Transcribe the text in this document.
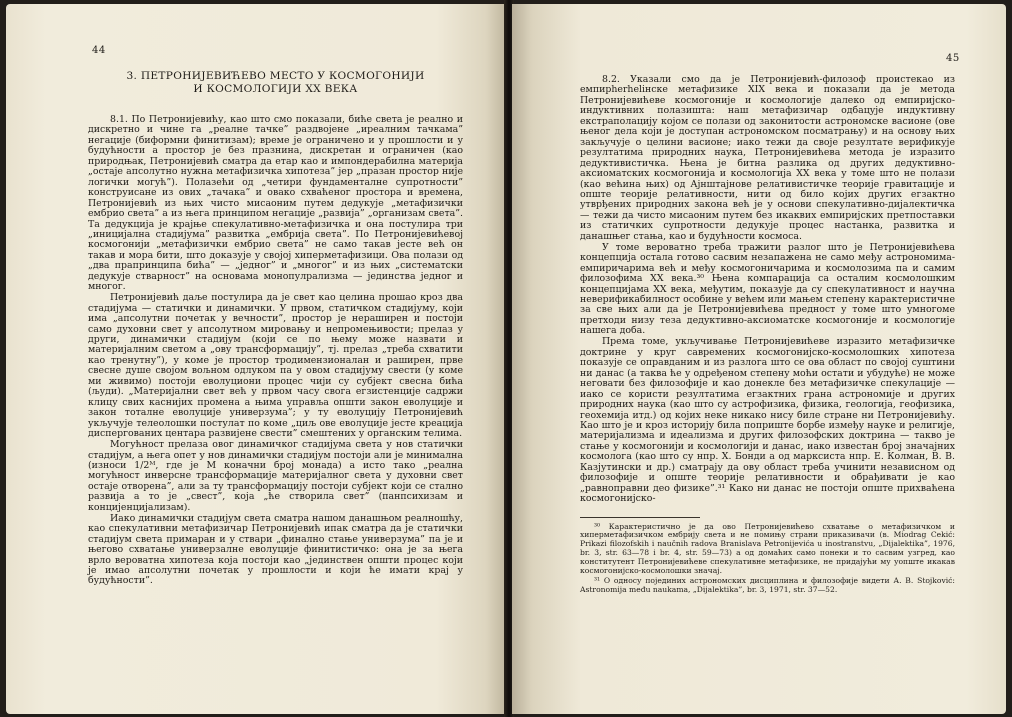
44
3. ПЕТРОНИЈЕВИЋЕВО МЕСТО У КОСМОГОНИЈИ
И КОСМОЛОГИЈИ XX ВЕКА

8.1. По Петронијевићу, као што смо показали, биће света је реално и дискретно и чине га „реалне тачке” раздвојене „иреалним тачкама” негације (биформни финитизам); време је ограничено и у прошлости и у будућности а простор је без празнина, дискретан и ограничен (као природњак, Петронијевић сматра да етар као и импондерабилна материја „остаје апсолутно нужна метафизичка хипотеза” јер „празан простор није логички могућ”). Полазећи од „четири фундаменталне супротности” конструисане из ових „тачака” и овако схваћеног простора и времена, Петронијевић из њих чисто мисаоним путем дедукује „метафизички ембрио света” а из њега принципом негације „развија” „организам света”. Та дедукција је крајње спекулативно-метафизичка и она постулира три „иницијална стадијума” развитка „ембрија света”. По Петронијевићевој космогонији „метафизички ембрио света” не само такав јесте већ он такав и мора бити, што доказује у својој хиперметафизици. Ова полази од „два прапринципа бића” — „једног” и „многог” и из њих „систематски дедукује стварност” на основама монопулрализма — јединства једног и многог.

Петронијевић даље постулира да је свет као целина прошао кроз два стадијума — статички и динамички. У првом, статичком стадијуму, који има „апсолутни почетак у вечности”, простор је нераширен и постоји само духовни свет у апсолутном мировању и непромењивости; прелаз у други, динамички стадијум (који се по њему може назвати и материјалним светом а „ову трансформацију”, тј. прелаз „треба схватити као тренутну”), у коме је простор тродимензионалан и раширен, прве свесне душе својом вољном одлуком па у овом стадијуму свести (у коме ми живимо) постоји еволуциони процес чији су субјект свесна бића (људи). „Материјални свет већ у првом часу свога егзистенције садржи клицу свих каснијих промена а њима управља општи закон еволуције и закон тоталне еволуције универзума”; у ту еволуцију Петронијевић укључује телеолошки постулат по коме „циљ ове еволуције јесте креација диспергованих центара развијене свести” смештених у органским телима.

Могућност прелаза овог динамичког стадијума света у нов статички стадијум, а њега опет у нов динамички стадијум постоји али је минимална (износи 1/2ᴹ, где је М коначни број монада) а исто тако „реална могућност инверсне трансформације материјалног света у духовни свет остаје отворена”, али за ту трансформацију постоји субјект који се стално развија а то је „свест”, која „ће створила свет” (панпсихизам и концијенцијализам).

Иако динамички стадијум света сматра нашом данашњом реалношћу, као спекулативни метафизичар Петронијевић ипак сматра да је статички стадијум света примаран и у ствари „финално стање универзума” па је и његово схватање универзалне еволуције финитистичко: она је за њега врло вероватна хипотеза која постоји као „јединствен општи процес који је имао апсолутни почетак у прошлости и који ће имати крај у будућности”.

45

8.2. Указали смо да је Петронијевић-филозоф проистекао из емпирherheliнске метафизике XIX века и показали да је метода Петронијевићеве космогоније и космологије далеко од емпиријско-индуктивних полазишта: наш метафизичар одбацује индуктивну екстраполацију којом се полази од законитости астрономске васионе (ове њеног дела који је доступан астрономском посматрању) и на основу њих закључује о целини васионе; иако тежи да своје резултате верификује резултатима природних наука, Петронијевићева метода је изразито дедуктивистичка. Њена је битна разлика од других дедуктивно-аксиоматских космогонија и космологија XX века у томе што не полази (као већина њих) од Ајнштајнове релативистичке теорије гравитације и опште теорије релативности, нити од било којих других егзактно утврђених природних закона већ је у основи спекулативно-дијалектичка — тежи да чисто мисаоним путем без икаквих емпиријских претпоставки из статичких супротности дедукује процес настанка, развитка и данашњег стања, као и будућности космоса.

У томе вероватно треба тражити разлог што је Петронијевићева концепција остала готово сасвим незапажена не само међу астрономима-емпиричарима већ и међу космогоничарима и космолозима па и самим филозофима XX века.³⁰ Њена компарација са осталим космолошким концепцијама XX века, међутим, показује да су спекулативност и научна неверификабилност особине у већем или мањем степену карактеристичне за све њих али да је Петронијевићева предност у томе што умногоме претходи низу теза дедуктивно-аксиоматске космогоније и космологије нашега доба.

Према томе, укључивање Петронијевићеве изразито метафизичке доктрине у круг савремених космогонијско-космолошких хипотеза показује се оправданим и из разлога што се ова област по својој суштини ни данас (а таква ће у одређеном степену моћи остати и убудуће) не може неговати без филозофије и као донекле без метафизичке спекулације — иако се користи резултатима егзактних грана астрономије и других природних наука (као што су астрофизика, физика, геологија, геофизика, геохемија итд.) од којих неке никако нису биле стране ни Петронијевићу. Као што је и кроз историју била поприште борбе између науке и религије, материјализма и идеализма и других филозофских доктрина — такво је стање у космогонији и космологији и данас, иако известан број значајних космолога (као што су нпр. Х. Бонди а од марксиста нпр. Е. Колман, В. В. Казјутински и др.) сматрају да ову област треба учинити независном од филозофије и опште теорије релативности и обрађивати је као „равноправни део физике”.³¹ Како ни данас не постоји опште прихваћена космогонијско-

³⁰ Карактеристично је да ово Петронијевићево схватање о метафизичком и хиперметафизичком ембрију света и не помињу страни приказивачи (в. Miodrag Cekić: Prikazi filozofskih i naučnih radova Branislava Petronijevića u inostranstvu, „Dijalektika”, 1976, br. 3, str. 63—78 i br. 4, str. 59—73) а од домаћих само понеки и то сасвим узгред, као конститутент Петронијевићеве спекулативне метафизике, не придајући му уопште икакав космогонијско-космолошки значај.

³¹ О односу појединих астрономских дисциплина и филозофије видети А. В. Stojković: Astronomija među naukama, „Dijalektika”, br. 3, 1971, str. 37—52.
